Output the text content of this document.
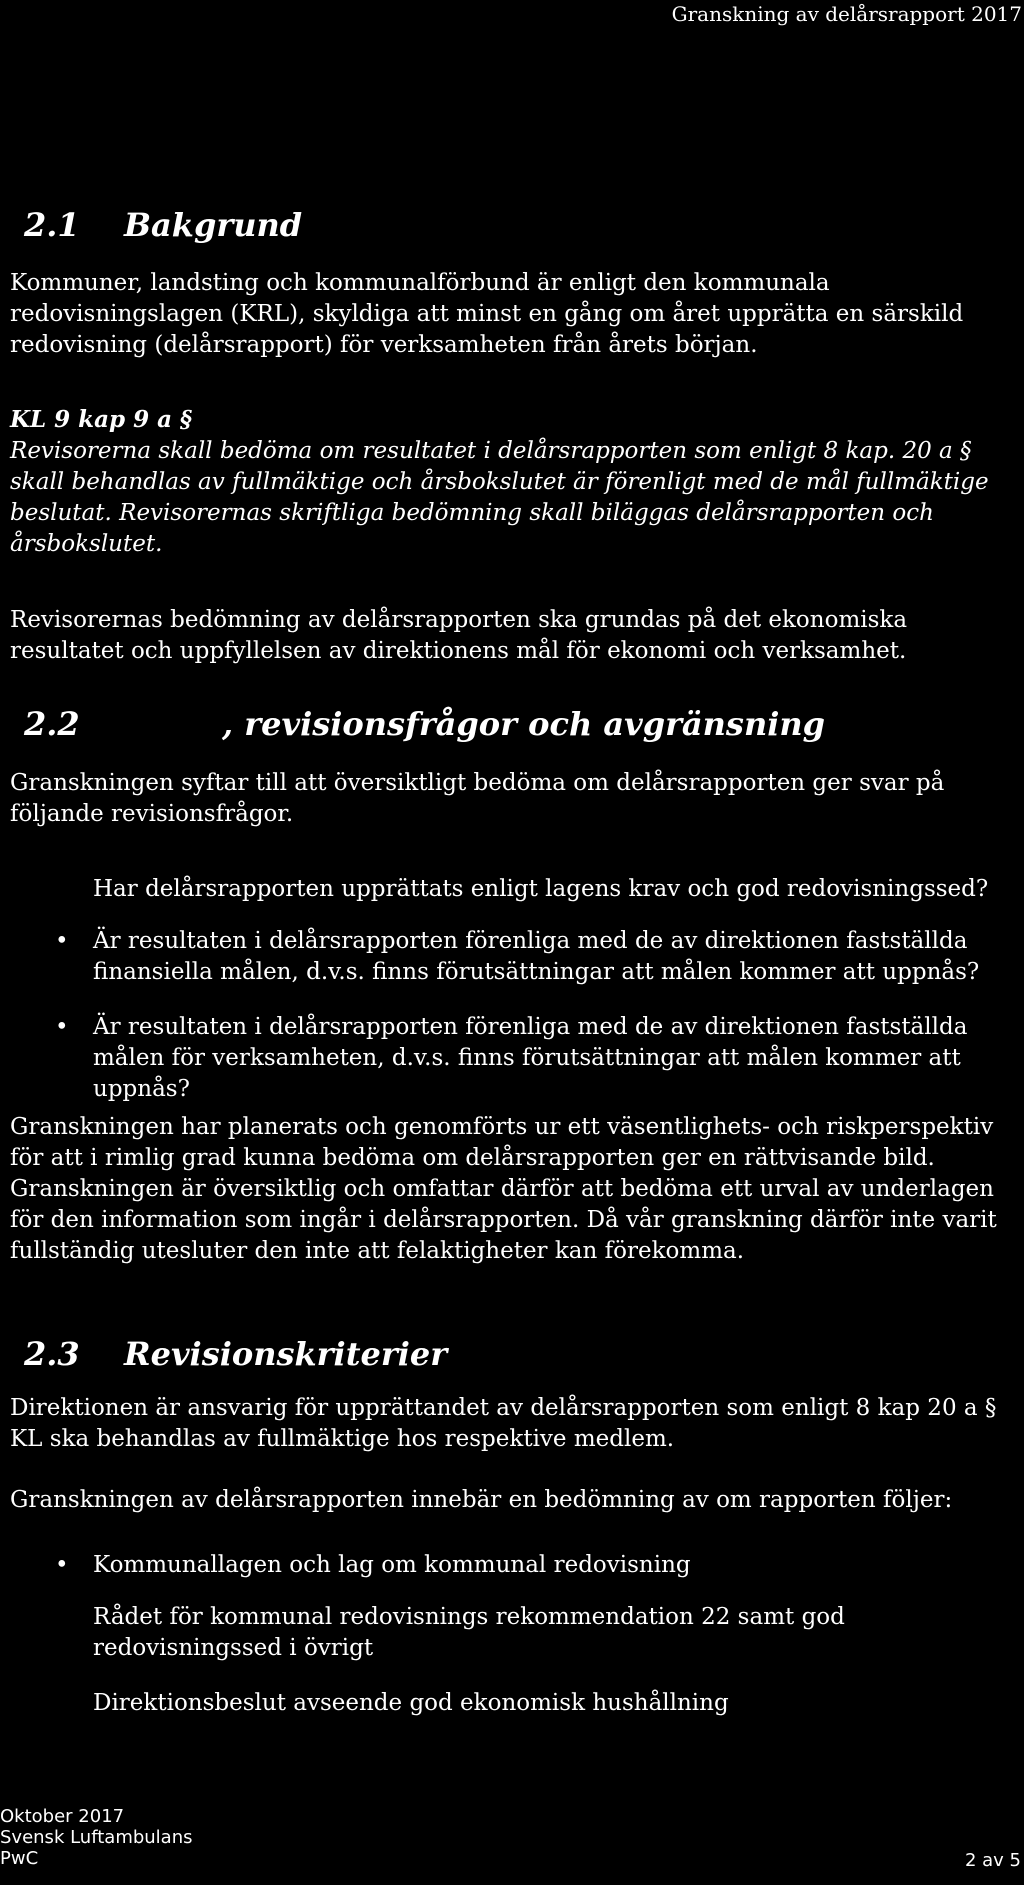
Granskning av delårsrapport 2017
2.1 Bakgrund

Kommuner, landsting och kommunalförbund är enligt den kommunala redovisningslagen (KRL), skyldiga att minst en gång om året upprätta en särskild redovisning (delårsrapport) för verksamheten från årets början.

KL 9 kap 9 a §

Revisorerna skall bedöma om resultatet i delårsrapporten som enligt 8 kap. 20 a § skall behandlas av fullmäktige och årsbokslutet är förenligt med de mål fullmäktige beslutat. Revisorernas skriftliga bedömning skall biläggas delårsrapporten och årsbokslutet.

Revisorernas bedömning av delårsrapporten ska grundas på det ekonomiska resultatet och uppfyllelsen av direktionens mål för ekonomi och verksamhet.

2.2	, revisionsfrågor och avgränsning

Granskningen syftar till att översiktligt bedöma om delårsrapporten ger svar på följande revisionsfrågor.

Har delårsrapporten upprättats enligt lagens krav och god redovisningssed?
• Är resultaten i delårsrapporten förenliga med de av direktionen fastställda finansiella målen, d.v.s. finns förutsättningar att målen kommer att uppnås?
• Är resultaten i delårsrapporten förenliga med de av direktionen fastställda målen för verksamheten, d.v.s. finns förutsättningar att målen kommer att uppnås?

Granskningen har planerats och genomförts ur ett väsentlighets- och riskperspektiv för att i rimlig grad kunna bedöma om delårsrapporten ger en rättvisande bild. Granskningen är översiktlig och omfattar därför att bedöma ett urval av underlagen för den information som ingår i delårsrapporten. Då vår granskning därför inte varit fullständig utesluter den inte att felaktigheter kan förekomma.

2.3 Revisionskriterier

Direktionen är ansvarig för upprättandet av delårsrapporten som enligt 8 kap 20 a § KL ska behandlas av fullmäktige hos respektive medlem.

Granskningen av delårsrapporten innebär en bedömning av om rapporten följer:

• Kommunallagen och lag om kommunal redovisning
Rådet för kommunal redovisnings rekommendation 22 samt god redovisningssed i övrigt
Direktionsbeslut avseende god ekonomisk hushållning
Oktober 2017
Svensk Luftambulans
PwC	2 av 5
